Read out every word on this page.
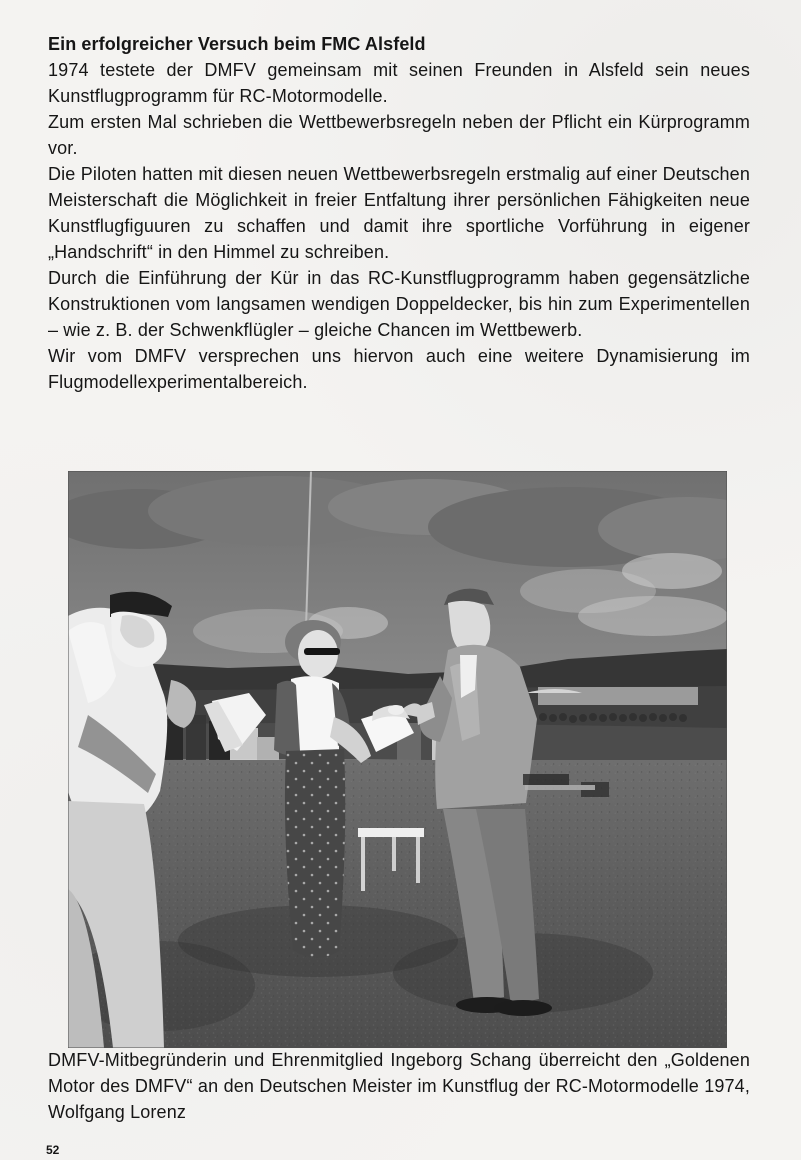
Ein erfolgreicher Versuch beim FMC Alsfeld

1974 testete der DMFV gemeinsam mit seinen Freunden in Alsfeld sein neues Kunstflugprogramm für RC-Motormodelle.

Zum ersten Mal schrieben die Wettbewerbsregeln neben der Pflicht ein Kürprogramm vor.

Die Piloten hatten mit diesen neuen Wettbewerbsregeln erstmalig auf einer Deutschen Meisterschaft die Möglichkeit in freier Entfaltung ihrer persönlichen Fähigkeiten neue Kunstflugfiguuren zu schaffen und damit ihre sportliche Vorführung in eigener „Handschrift“ in den Himmel zu schreiben.

Durch die Einführung der Kür in das RC-Kunstflugprogramm haben gegensätzliche Konstruktionen vom langsamen wendigen Doppeldecker, bis hin zum Experimentellen – wie z. B. der Schwenkflügler – gleiche Chancen im Wettbewerb.

Wir vom DMFV versprechen uns hiervon auch eine weitere Dynamisierung im Flugmodellexperimentalbereich.

DMFV-Mitbegründerin und Ehrenmitglied Ingeborg Schang überreicht den „Goldenen Motor des DMFV“ an den Deutschen Meister im Kunstflug der RC-Motormodelle 1974, Wolfgang Lorenz

52
